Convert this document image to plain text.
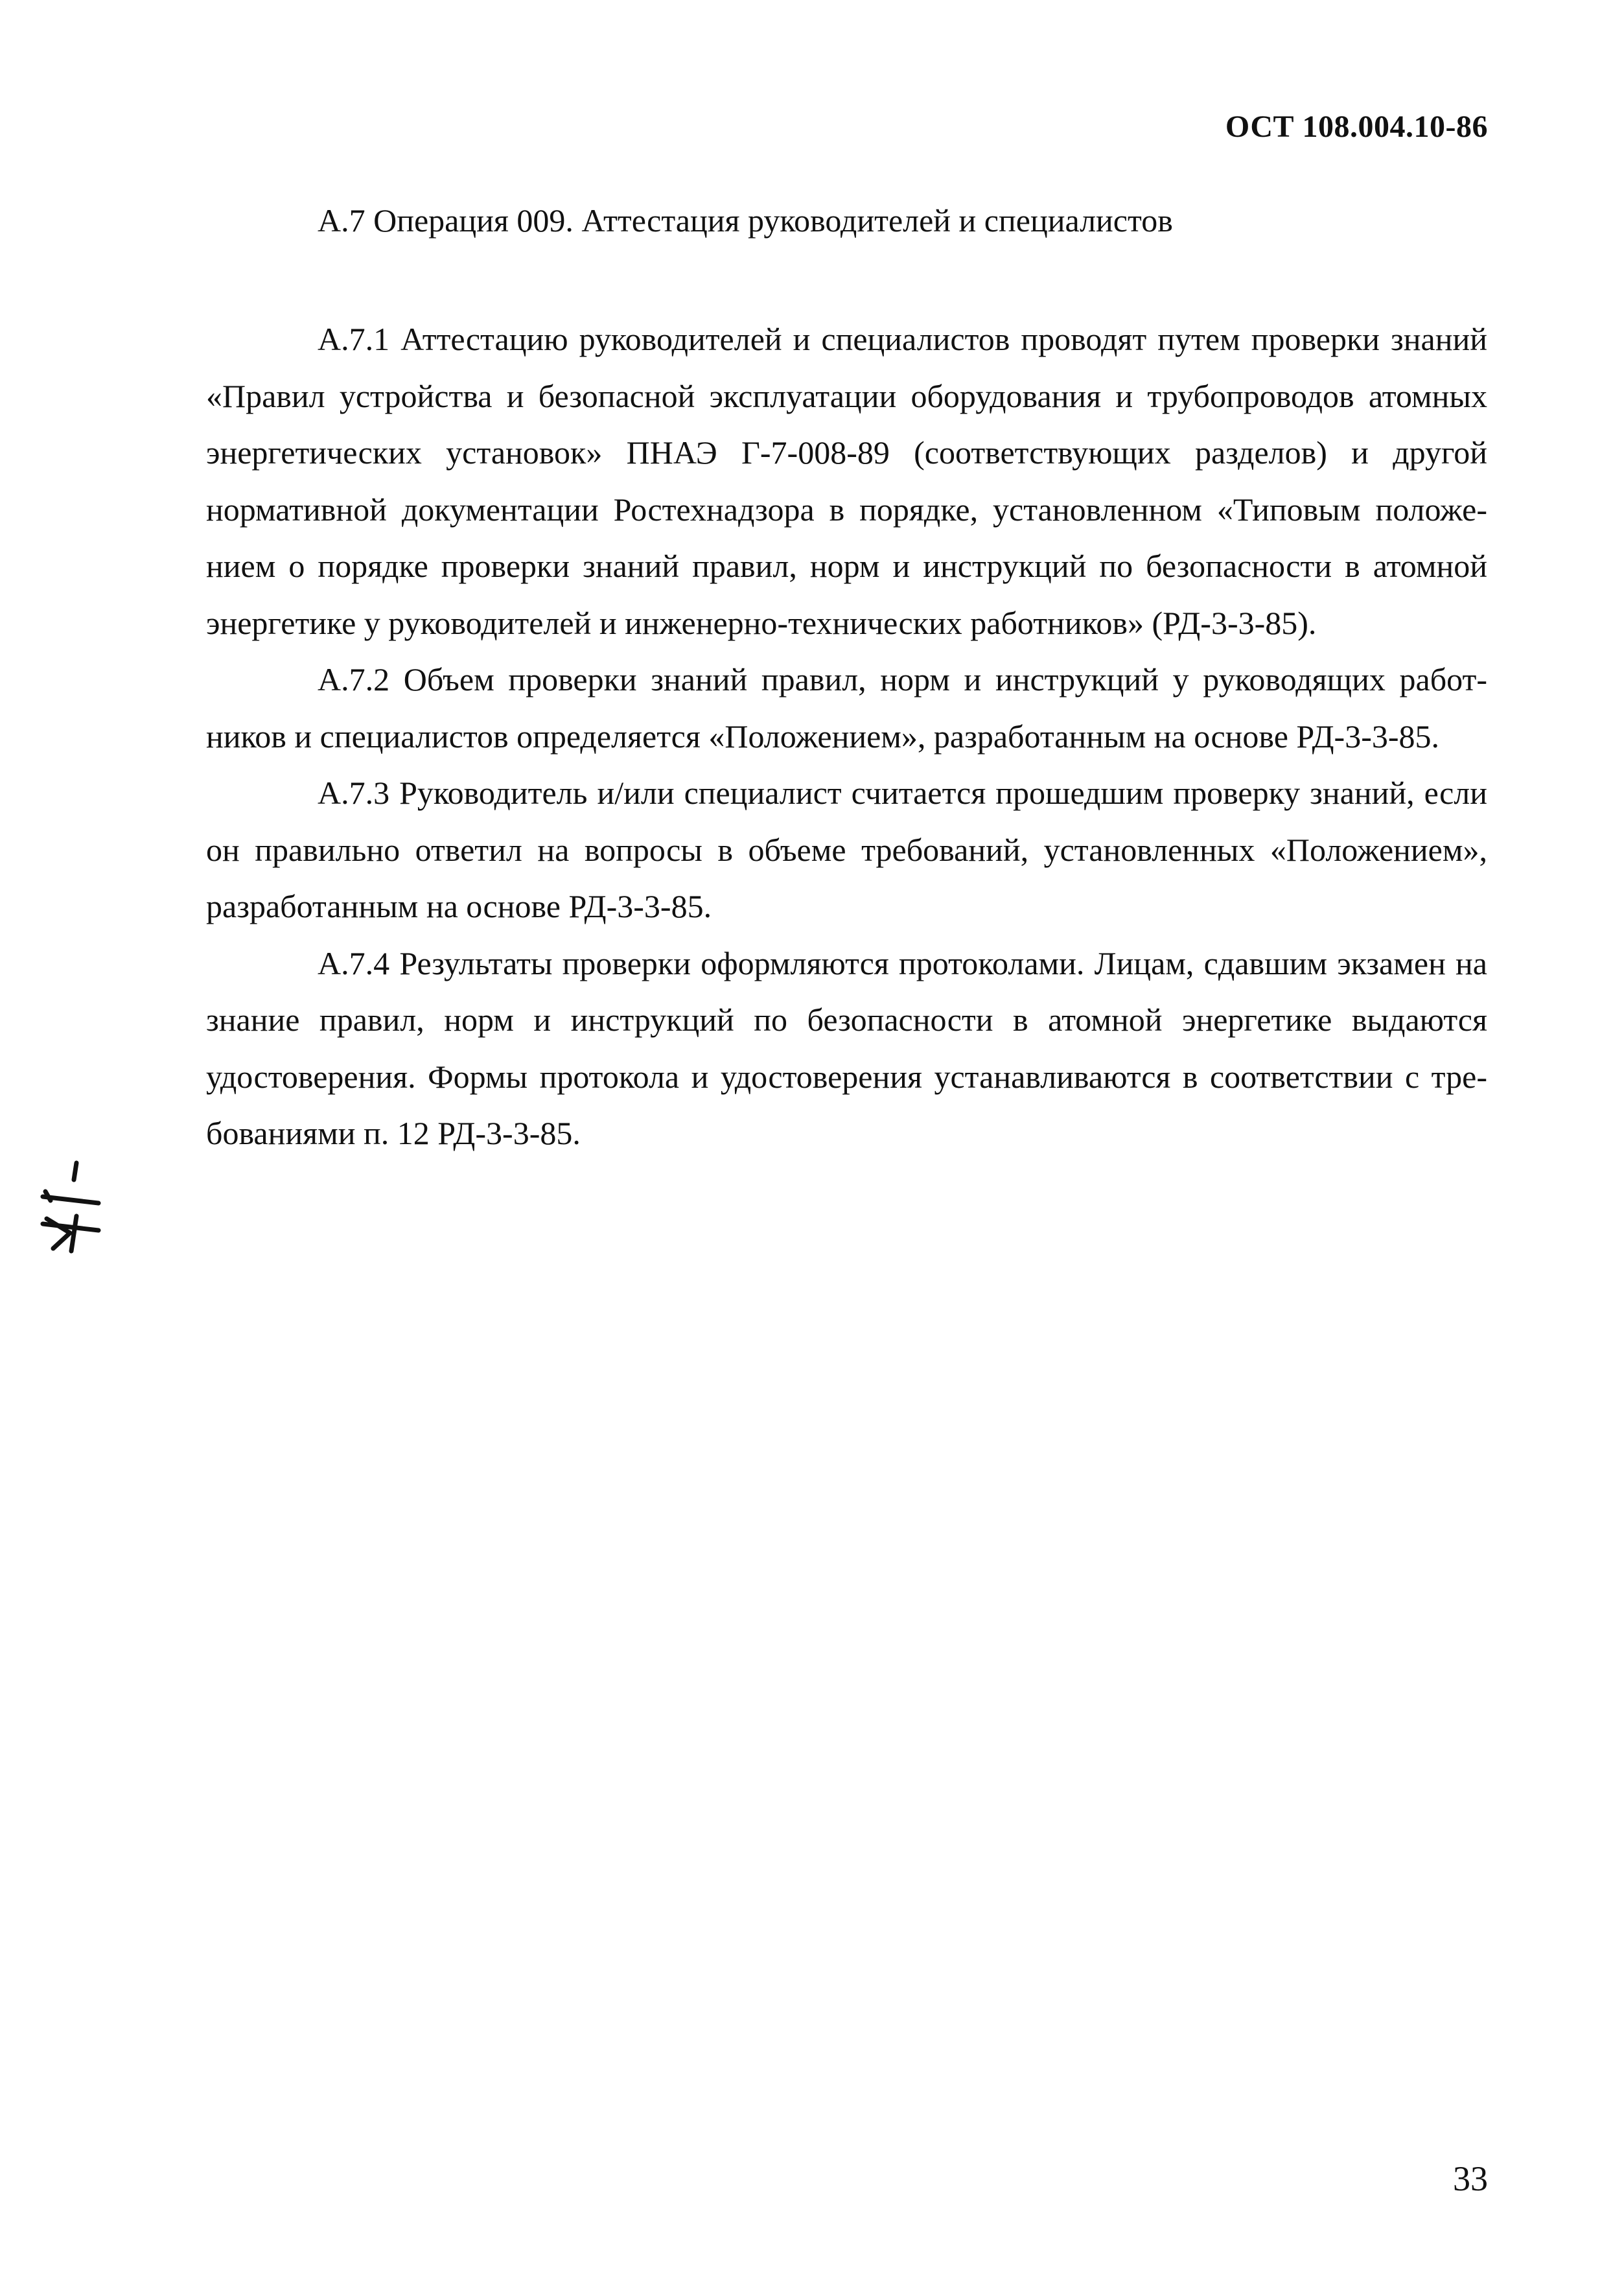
ОСТ 108.004.10-86
А.7 Операция 009. Аттестация руководителей и специалистов

А.7.1 Аттестацию руководителей и специалистов проводят путем проверки знаний «Правил устройства и безопасной эксплуатации оборудования и трубопроводов атомных энергетических установок» ПНАЭ Г-7-008-89 (соответствующих разделов) и другой нормативной документации Ростехнадзора в порядке, установленном «Типовым положением о порядке проверки знаний правил, норм и инструкций по безопасности в атомной энергетике у руководителей и инженерно-технических работников» (РД-3-3-85).

А.7.2 Объем проверки знаний правил, норм и инструкций у руководящих работников и специалистов определяется «Положением», разработанным на основе РД-3-3-85.

А.7.3 Руководитель и/или специалист считается прошедшим проверку знаний, если он правильно ответил на вопросы в объеме требований, установленных «Положением», разработанным на основе РД-3-3-85.

А.7.4 Результаты проверки оформляются протоколами. Лицам, сдавшим экзамен на знание правил, норм и инструкций по безопасности в атомной энергетике выдаются удостоверения. Формы протокола и удостоверения устанавливаются в соответствии с требованиями п. 12 РД-3-3-85.

33
